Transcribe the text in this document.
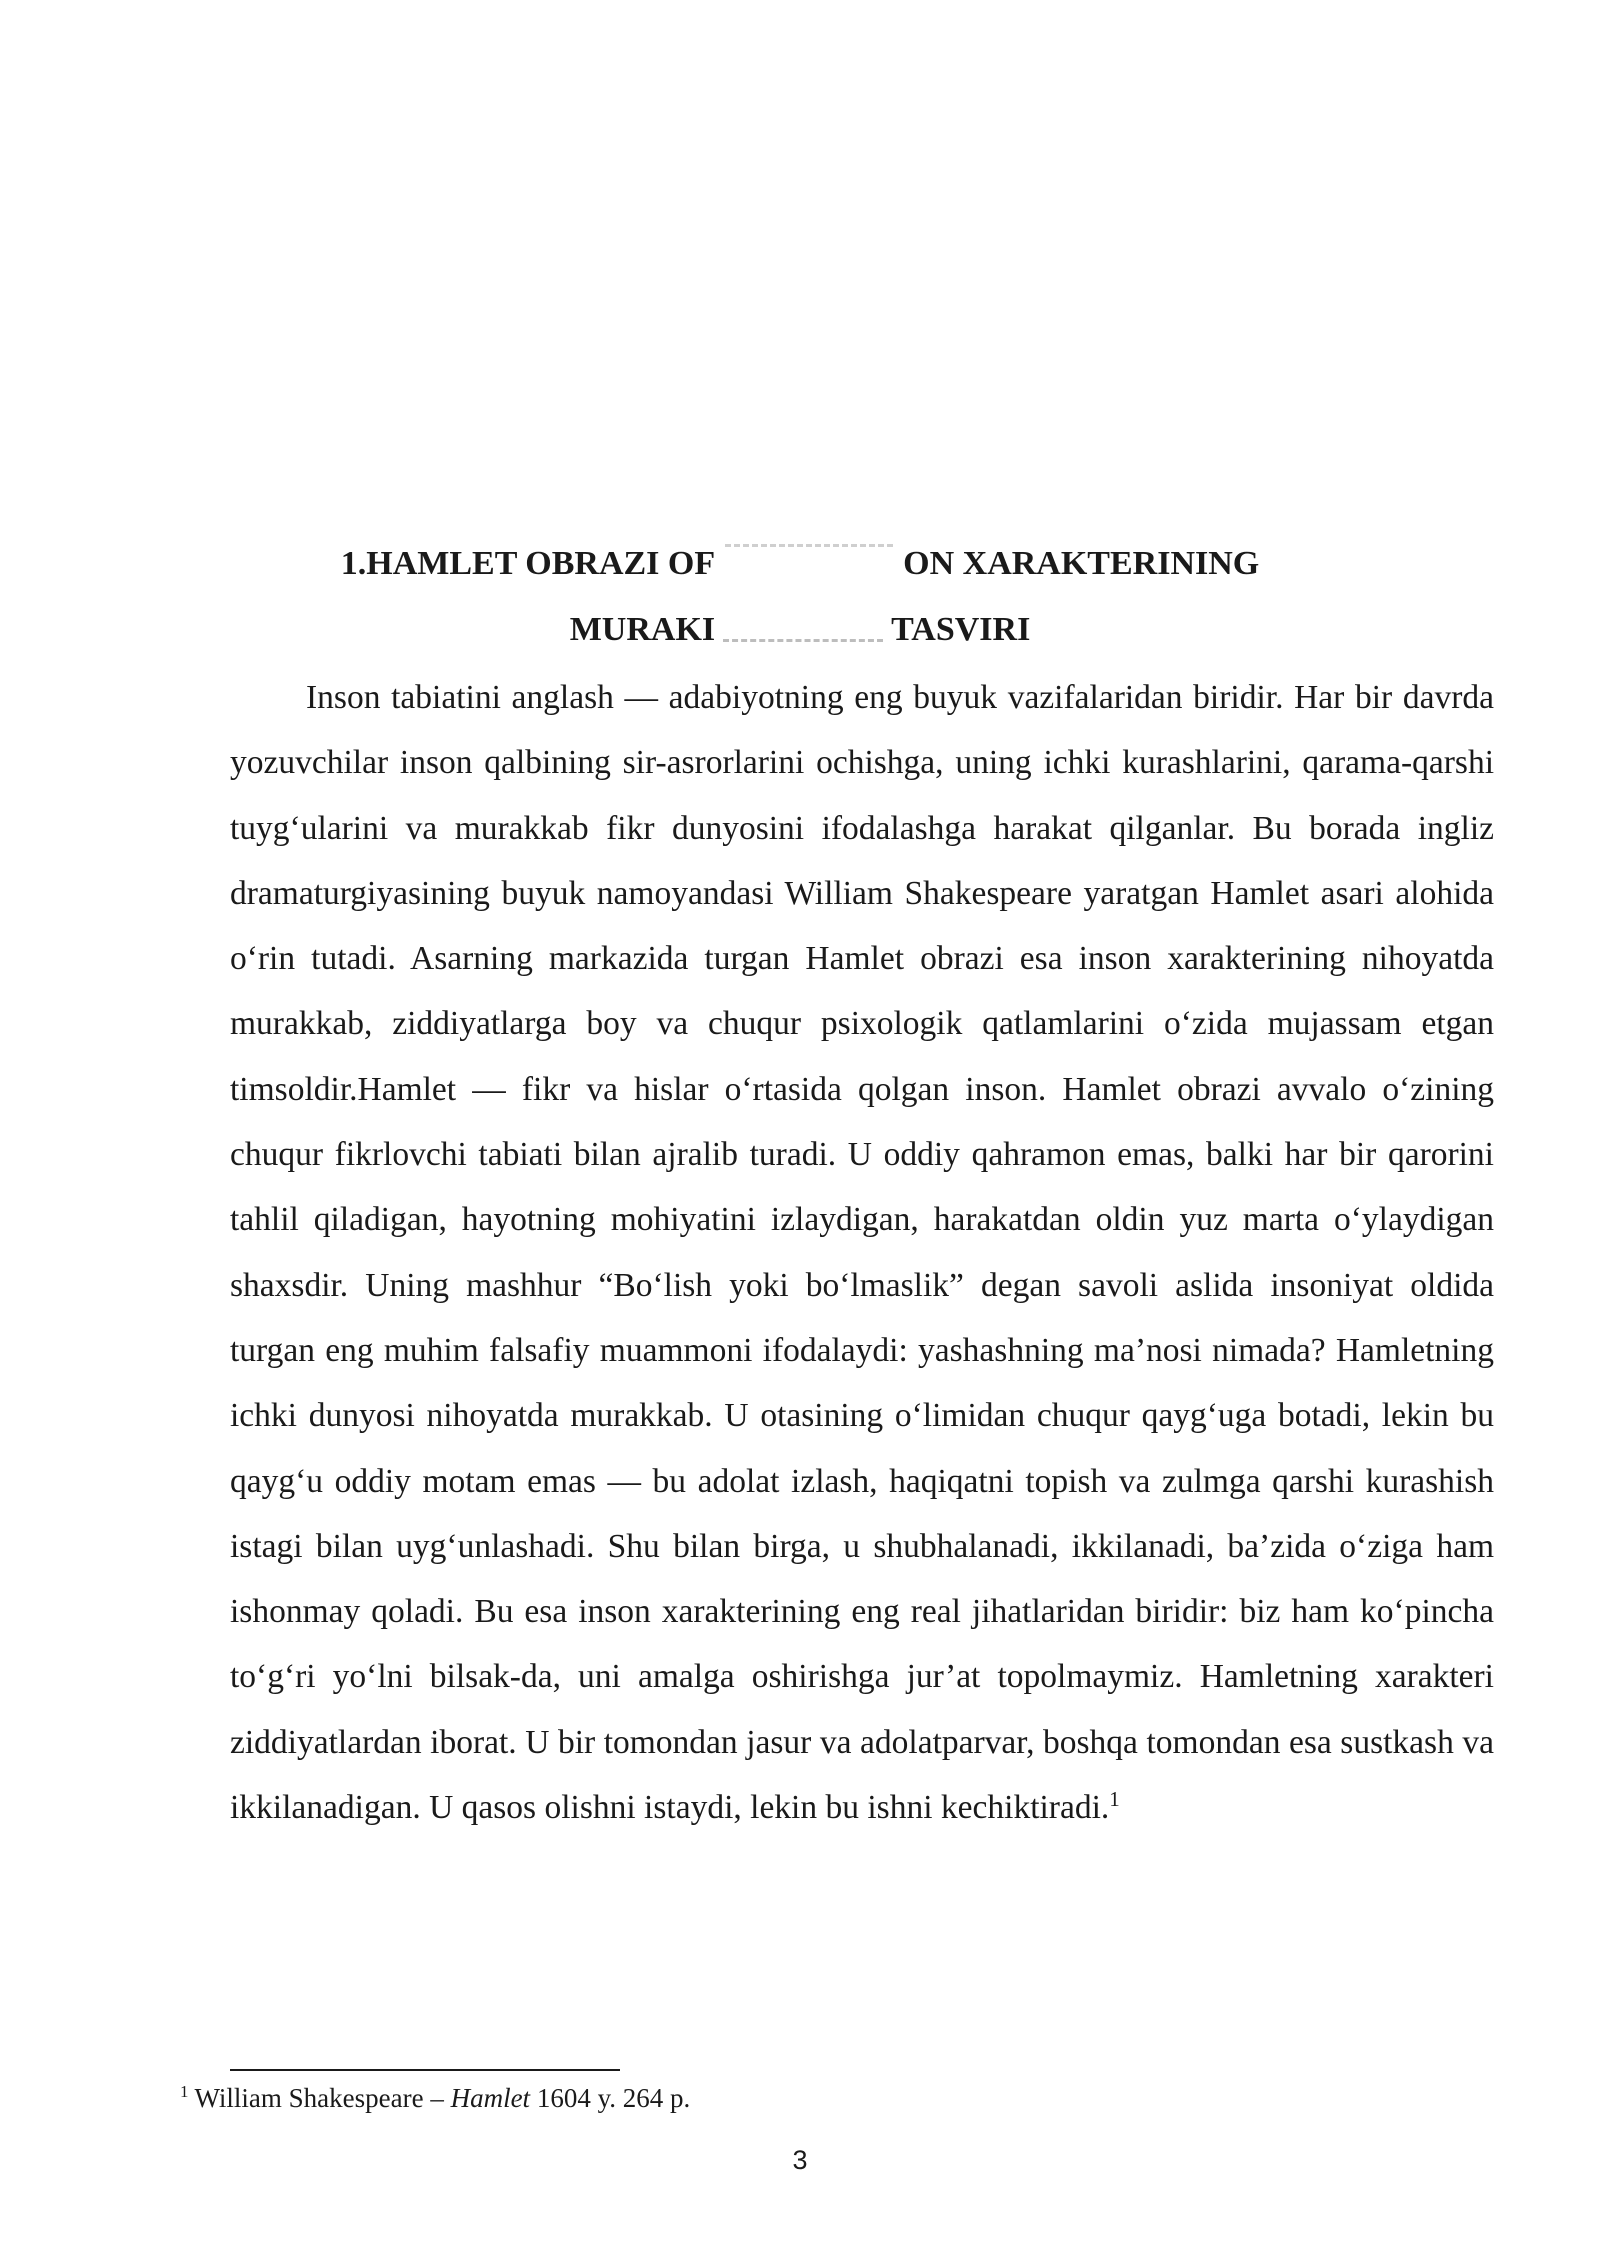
1.HAMLET OBRAZI OF	ON XARAKTERINING
MURAKI	TASVIRI

Inson tabiatini anglash — adabiyotning eng buyuk vazifalaridan biridir. Har bir davrda yozuvchilar inson qalbining sir-asrorlarini ochishga, uning ichki kurashlarini, qarama-qarshi tuyg‘ularini va murakkab fikr dunyosini ifodalashga harakat qilganlar. Bu borada ingliz dramaturgiyasining buyuk namoyandasi William Shakespeare yaratgan Hamlet asari alohida o‘rin tutadi. Asarning markazida turgan Hamlet obrazi esa inson xarakterining nihoyatda murakkab, ziddiyatlarga boy va chuqur psixologik qatlamlarini o‘zida mujassam etgan timsoldir.Hamlet — fikr va hislar o‘rtasida qolgan inson. Hamlet obrazi avvalo o‘zining chuqur fikrlovchi tabiati bilan ajralib turadi. U oddiy qahramon emas, balki har bir qarorini tahlil qiladigan, hayotning mohiyatini izlaydigan, harakatdan oldin yuz marta o‘ylaydigan shaxsdir. Uning mashhur “Bo‘lish yoki bo‘lmaslik” degan savoli aslida insoniyat oldida turgan eng muhim falsafiy muammoni ifodalaydi: yashashning ma’nosi nimada? Hamletning ichki dunyosi nihoyatda murakkab. U otasining o‘limidan chuqur qayg‘uga botadi, lekin bu qayg‘u oddiy motam emas — bu adolat izlash, haqiqatni topish va zulmga qarshi kurashish istagi bilan uyg‘unlashadi. Shu bilan birga, u shubhalanadi, ikkilanadi, ba’zida o‘ziga ham ishonmay qoladi. Bu esa inson xarakterining eng real jihatlaridan biridir: biz ham ko‘pincha to‘g‘ri yo‘lni bilsak-da, uni amalga oshirishga jur’at topolmaymiz. Hamletning xarakteri ziddiyatlardan iborat. U bir tomondan jasur va adolatparvar, boshqa tomondan esa sustkash va ikkilanadigan. U qasos olishni istaydi, lekin bu ishni kechiktiradi.$^1$

$^1$ William Shakespeare – Hamlet 1604 y. 264 p.

3
